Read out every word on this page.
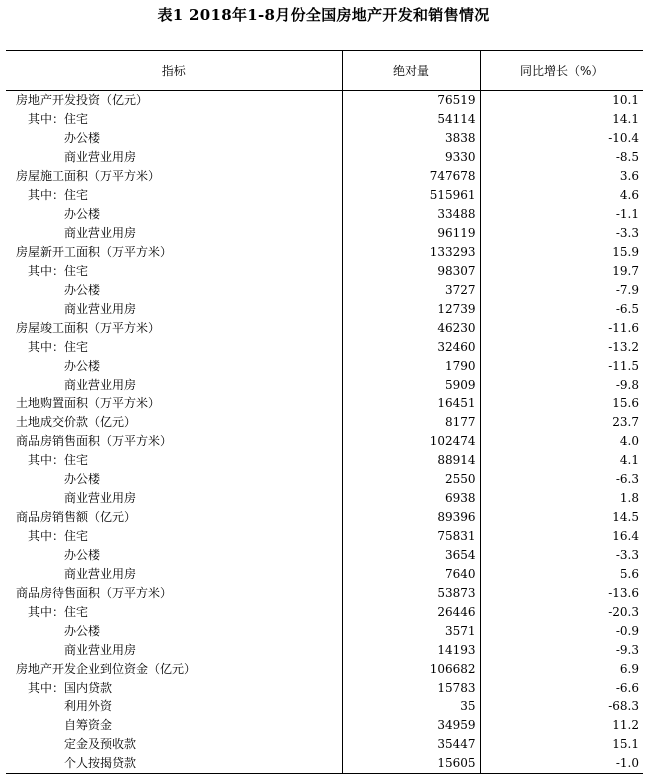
表1 2018年1-8月份全国房地产开发和销售情况
指标	绝对量	同比增长（%）
房地产开发投资（亿元）	76519	10.1
其中：住宅	54114	14.1
办公楼	3838	-10.4
商业营业用房	9330	-8.5
房屋施工面积（万平方米）	747678	3.6
其中：住宅	515961	4.6
办公楼	33488	-1.1
商业营业用房	96119	-3.3
房屋新开工面积（万平方米）	133293	15.9
其中：住宅	98307	19.7
办公楼	3727	-7.9
商业营业用房	12739	-6.5
房屋竣工面积（万平方米）	46230	-11.6
其中：住宅	32460	-13.2
办公楼	1790	-11.5
商业营业用房	5909	-9.8
土地购置面积（万平方米）	16451	15.6
土地成交价款（亿元）	8177	23.7
商品房销售面积（万平方米）	102474	4.0
其中：住宅	88914	4.1
办公楼	2550	-6.3
商业营业用房	6938	1.8
商品房销售额（亿元）	89396	14.5
其中：住宅	75831	16.4
办公楼	3654	-3.3
商业营业用房	7640	5.6
商品房待售面积（万平方米）	53873	-13.6
其中：住宅	26446	-20.3
办公楼	3571	-0.9
商业营业用房	14193	-9.3
房地产开发企业到位资金（亿元）	106682	6.9
其中：国内贷款	15783	-6.6
利用外资	35	-68.3
自筹资金	34959	11.2
定金及预收款	35447	15.1
个人按揭贷款	15605	-1.0
